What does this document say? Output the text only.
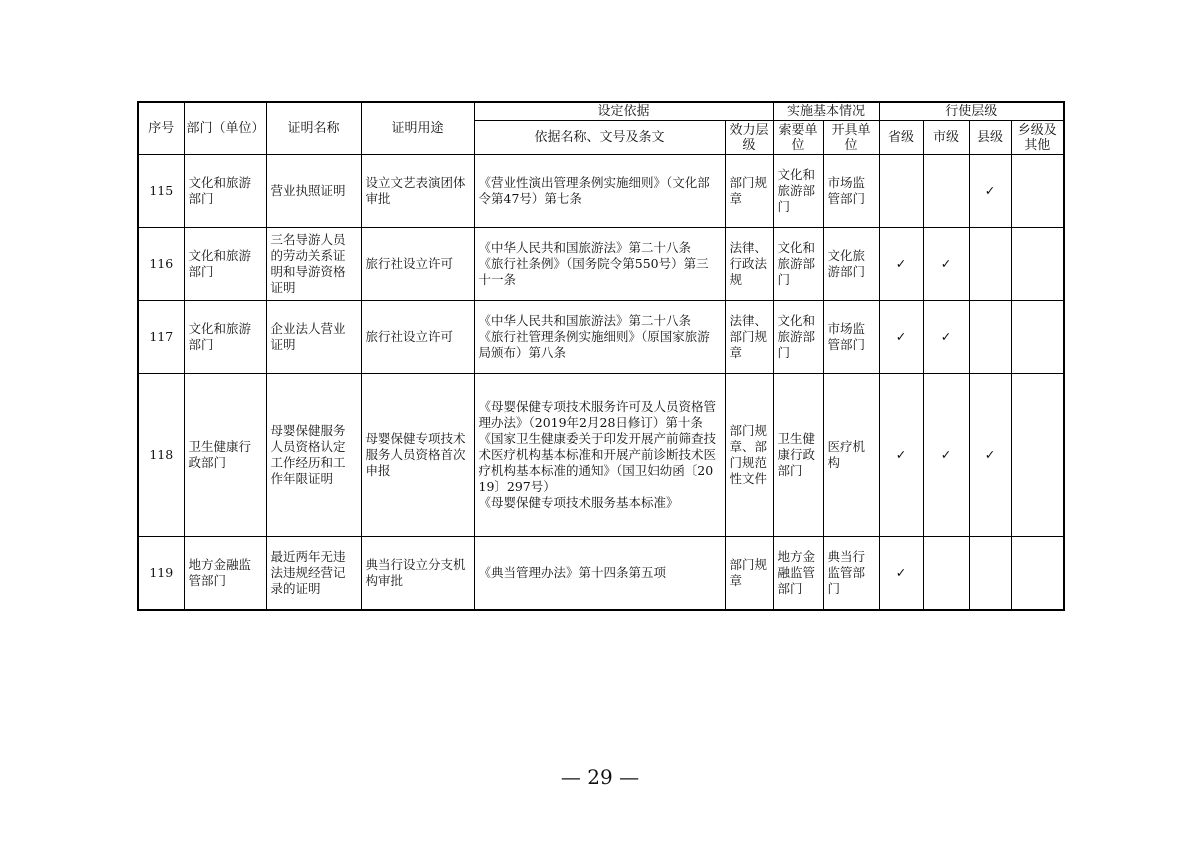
序号	部门（单位）	证明名称	证明用途	设定依据		实施基本情况		行使层级			
				依据名称、文号及条文	效力层级	索要单位	开具单位	省级	市级	县级	乡级及其他
115	文化和旅游部门	营业执照证明	设立文艺表演团体审批	《营业性演出管理条例实施细则》（文化部令第47号）第七条	部门规章	文化和旅游部门	市场监管部门			✓	
116	文化和旅游部门	三名导游人员的劳动关系证明和导游资格证明	旅行社设立许可	《中华人民共和国旅游法》第二十八条
《旅行社条例》（国务院令第550号）第三十一条	法律、行政法规	文化和旅游部门	文化旅游部门	✓	✓		
117	文化和旅游部门	企业法人营业证明	旅行社设立许可	《中华人民共和国旅游法》第二十八条
《旅行社管理条例实施细则》（原国家旅游局颁布）第八条	法律、部门规章	文化和旅游部门	市场监管部门	✓	✓		
118	卫生健康行政部门	母婴保健服务人员资格认定工作经历和工作年限证明	母婴保健专项技术服务人员资格首次申报	《母婴保健专项技术服务许可及人员资格管理办法》（2019年2月28日修订）第十条
《国家卫生健康委关于印发开展产前筛查技术医疗机构基本标准和开展产前诊断技术医疗机构基本标准的通知》（国卫妇幼函〔2019〕297号）
《母婴保健专项技术服务基本标准》	部门规章、部门规范性文件	卫生健康行政部门	医疗机构	✓	✓	✓	
119	地方金融监管部门	最近两年无违法违规经营记录的证明	典当行设立分支机构审批	《典当管理办法》第十四条第五项	部门规章	地方金融监管部门	典当行监管部门	✓			
— 29 —
